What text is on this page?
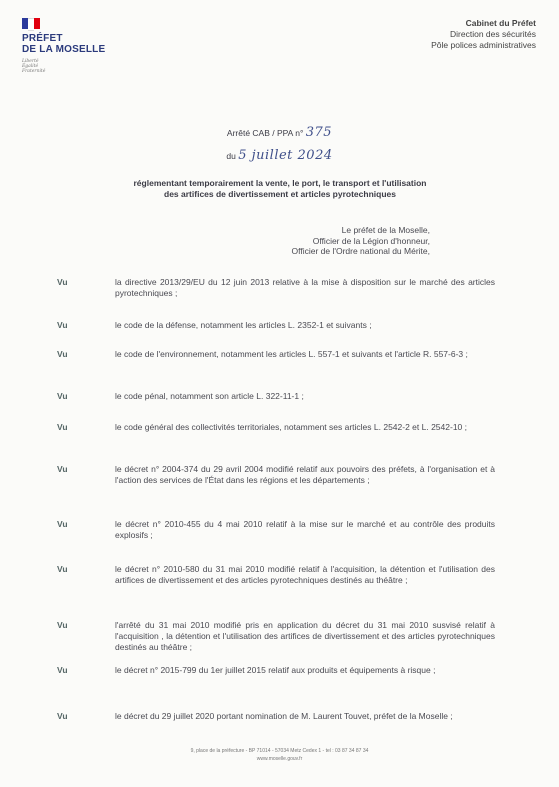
PRÉFET
DE LA MOSELLE
Liberté
Égalité
Fraternité
Cabinet du Préfet
Direction des sécurités
Pôle polices administratives
Arrêté CAB / PPA n° 375
du 5 juillet 2024
réglementant temporairement la vente, le port, le transport et l'utilisation
des artifices de divertissement et articles pyrotechniques
Le préfet de la Moselle,
Officier de la Légion d'honneur,
Officier de l'Ordre national du Mérite,
Vu	la directive 2013/29/EU du 12 juin 2013 relative à la mise à disposition sur le marché des articles pyrotechniques ;
Vu	le code de la défense, notamment les articles L. 2352-1 et suivants ;
Vu	le code de l'environnement, notamment les articles L. 557-1 et suivants et l'article R. 557-6-3 ;
Vu	le code pénal, notamment son article L. 322-11-1 ;
Vu	le code général des collectivités territoriales, notamment ses articles L. 2542-2 et L. 2542-10 ;
Vu	le décret n° 2004-374 du 29 avril 2004 modifié relatif aux pouvoirs des préfets, à l'organisation et à l'action des services de l'État dans les régions et les départements ;
Vu	le décret n° 2010-455 du 4 mai 2010 relatif à la mise sur le marché et au contrôle des produits explosifs ;
Vu	le décret n° 2010-580 du 31 mai 2010 modifié relatif à l'acquisition, la détention et l'utilisation des artifices de divertissement et des articles pyrotechniques destinés au théâtre ;
Vu	l'arrêté du 31 mai 2010 modifié pris en application du décret du 31 mai 2010 susvisé relatif à l'acquisition , la détention et l'utilisation des artifices de divertissement et des articles pyrotechniques destinés au théâtre ;
Vu	le décret n° 2015-799 du 1er juillet 2015 relatif aux produits et équipements à risque ;
Vu	le décret du 29 juillet 2020 portant nomination de M. Laurent Touvet, préfet de la Moselle ;
9, place de la préfecture - BP 71014 - 57034 Metz Cedex 1 - tel : 03 87 34 87 34
www.moselle.gouv.fr
